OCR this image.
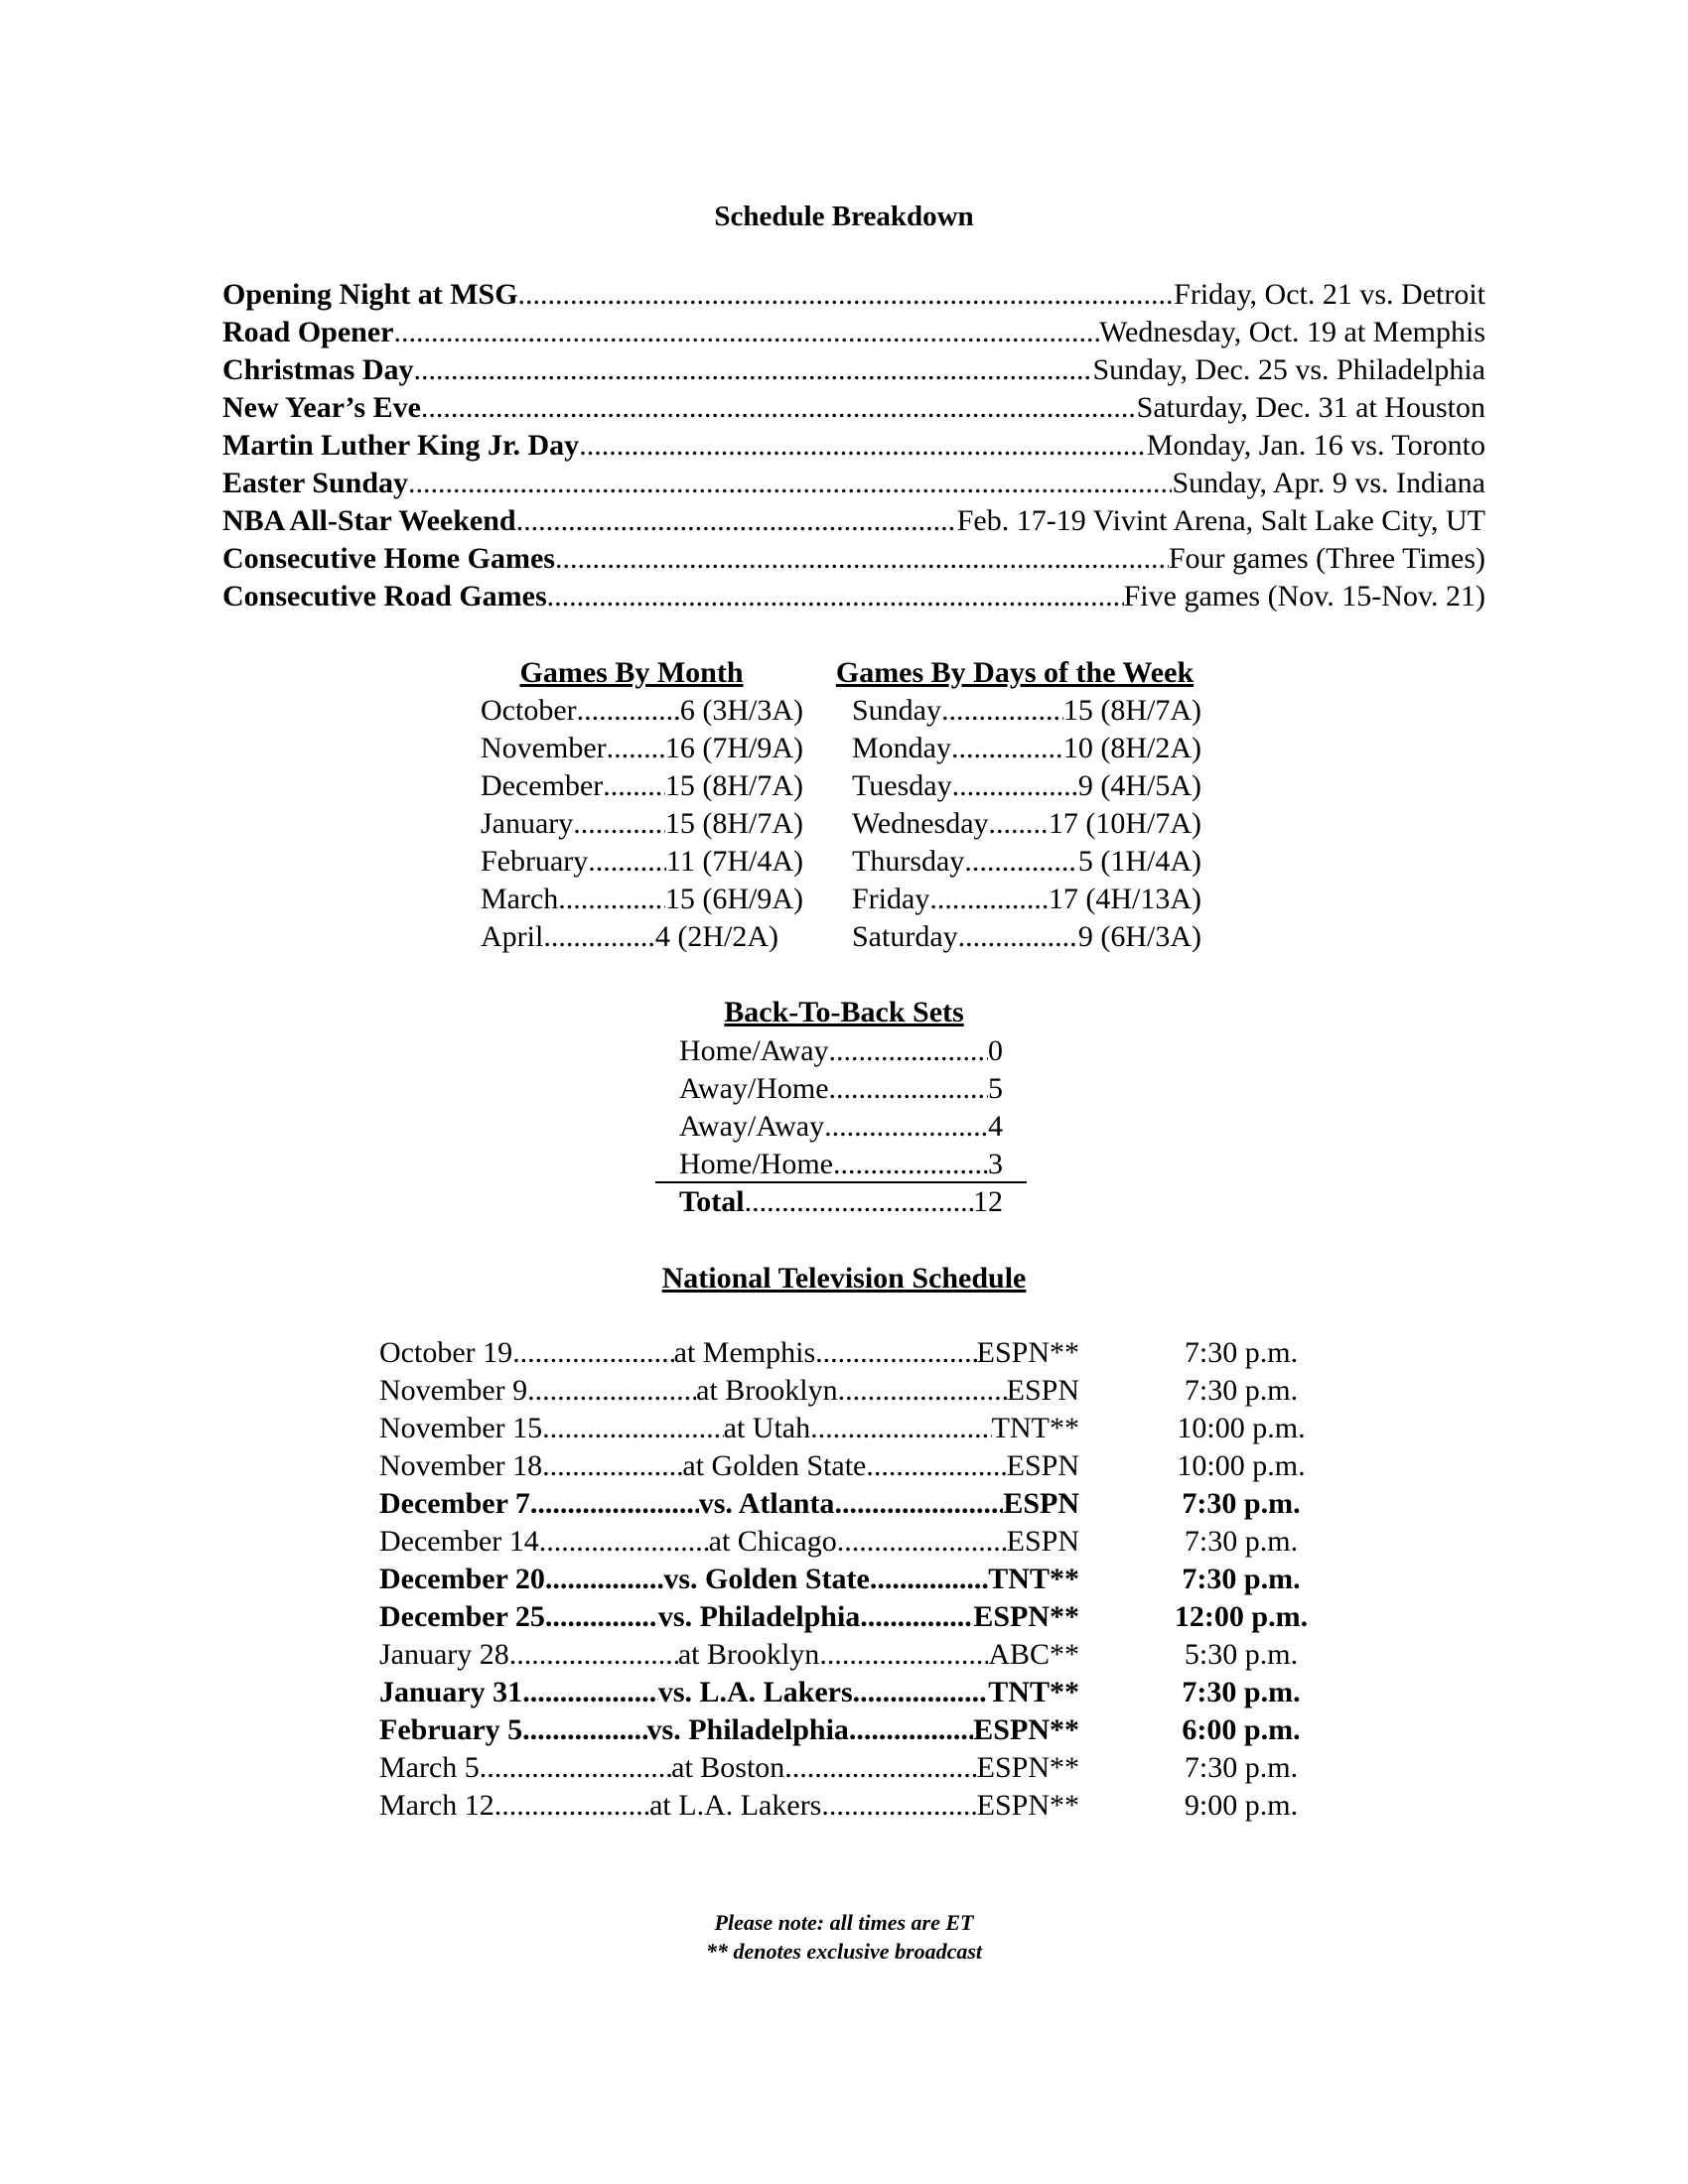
Schedule Breakdown
Opening Night at MSG .....	Friday, Oct. 21 vs. Detroit
Road Opener .....	Wednesday, Oct. 19 at Memphis
Christmas Day .....	Sunday, Dec. 25 vs. Philadelphia
New Year’s Eve .....	Saturday, Dec. 31 at Houston
Martin Luther King Jr. Day .....	Monday, Jan. 16 vs. Toronto
Easter Sunday .....	Sunday, Apr. 9 vs. Indiana
NBA All-Star Weekend .....	Feb. 17-19 Vivint Arena, Salt Lake City, UT
Consecutive Home Games .....	Four games (Three Times)
Consecutive Road Games .....	Five games (Nov. 15-Nov. 21)
Games By Month	Games By Days of the Week
October .....	6 (3H/3A)
November ..... 16 (7H/9A)
December ..... 15 (8H/7A)
January .....	15 (8H/7A)
February .....	11 (7H/4A)
March .....	15 (6H/9A)
April .....	4 (2H/2A)
Sunday .....	15 (8H/7A)
Monday .....	10 (8H/2A)
Tuesday .....	9 (4H/5A)
Wednesday ..... 17 (10H/7A)
Thursday .....	5 (1H/4A)
Friday .....	17 (4H/13A)
Saturday .....	9 (6H/3A)
Back-To-Back Sets
Home/Away .....	0
Away/Home .....	5
Away/Away .....	4
Home/Home .....	3
Total .....	12
National Television Schedule
October 19 .....	at Memphis .....	ESPN**	7:30 p.m.
November 9 .....	at Brooklyn .....	ESPN	7:30 p.m.
November 15 .....	at Utah .....	TNT**	10:00 p.m.
November 18 .....	at Golden State .....	ESPN	10:00 p.m.
December 7 .....	vs. Atlanta .....	ESPN	7:30 p.m.
December 14 .....	at Chicago .....	ESPN	7:30 p.m.
December 20 .....	vs. Golden State .....	TNT**	7:30 p.m.
December 25 .....	vs. Philadelphia .....	ESPN**	12:00 p.m.
January 28 .....	at Brooklyn .....	ABC**	5:30 p.m.
January 31 .....	vs. L.A. Lakers .....	TNT**	7:30 p.m.
February 5 .....	vs. Philadelphia .....	ESPN**	6:00 p.m.
March 5 .....	at Boston .....	ESPN**	7:30 p.m.
March 12 .....	at L.A. Lakers .....	ESPN**	9:00 p.m.
Please note: all times are ET
** denotes exclusive broadcast
